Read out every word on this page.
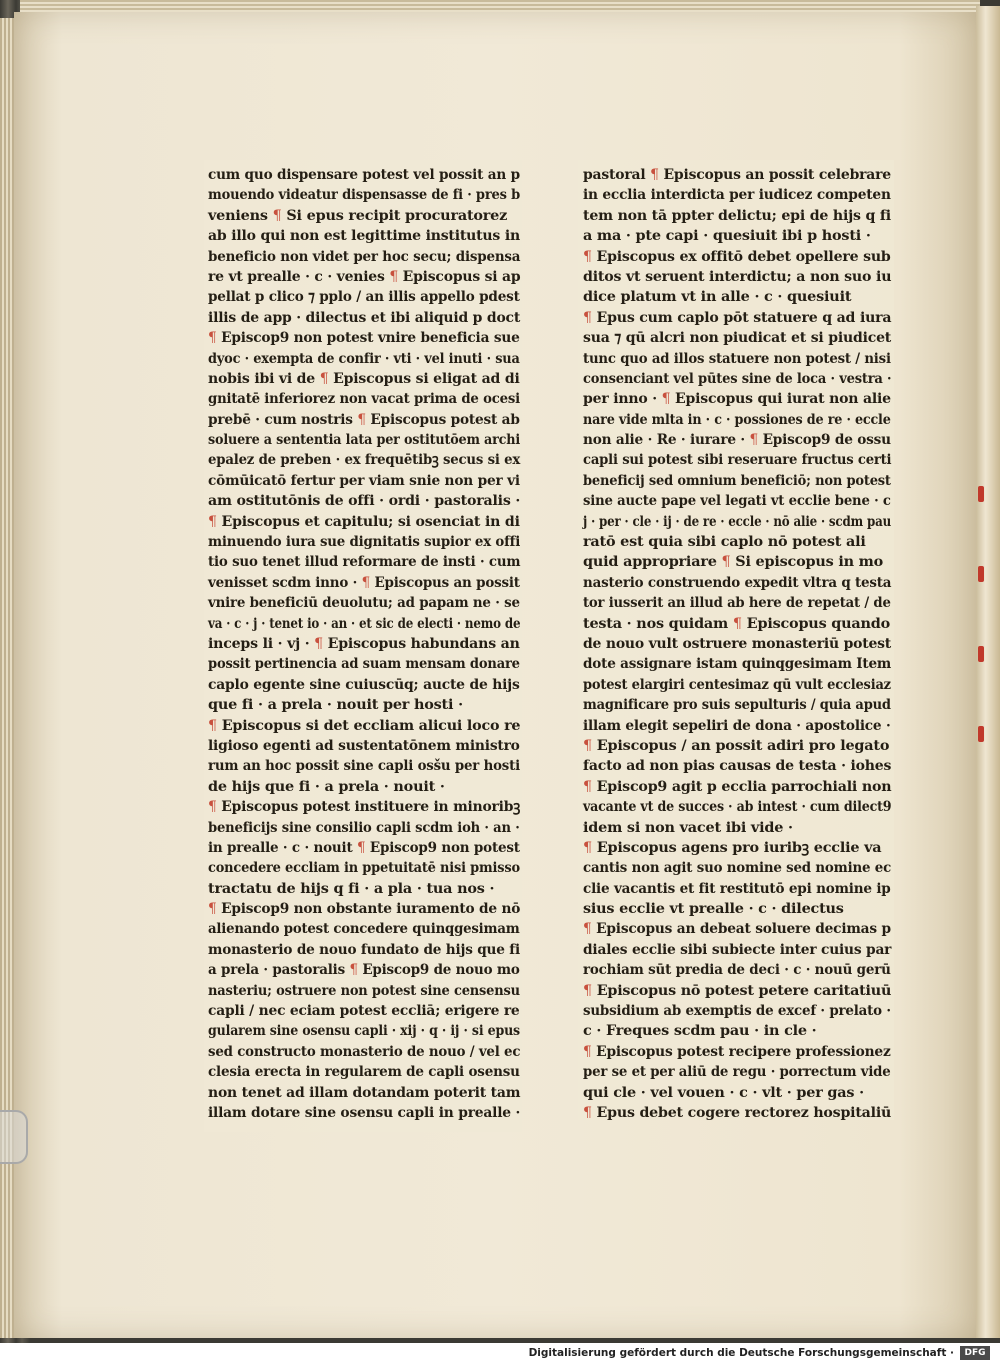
cum quo dispensare potest vel possit an p
mouendo videatur dispensasse de fi · pres b
veniens ¶ Si epus recipit procuratorez
ab illo qui non est legittime institutus in
beneficio non videt per hoc secu; dispensa
re vt prealle · c · venies ¶ Episcopus si ap
pellat p clico ⁊ pplo / an illis appello pdest
illis de app · dilectus et ibi aliquid p doct
¶ Episcop9 non potest vnire beneficia sue
dyoc · exempta de confir · vti · vel inuti · sua
nobis ibi vi de ¶ Episcopus si eligat ad di
gnitatē inferiorez non vacat prima de ocesi
prebē · cum nostris ¶ Episcopus potest ab
soluere a sententia lata per ostitutōem archi
epalez de preben · ex frequētibꝫ secus si ex
cōmūicatō fertur per viam snie non per vi
am ostitutōnis de offi · ordi · pastoralis ·
¶ Episcopus et capitulu; si osenciat in di
minuendo iura sue dignitatis supior ex offi
tio suo tenet illud reformare de insti · cum
venisset scdm inno · ¶ Episcopus an possit
vnire beneficiū deuolutu; ad papam ne · se
va · c · j · tenet io · an · et sic de electi · nemo de
inceps li · vj · ¶ Episcopus habundans an
possit pertinencia ad suam mensam donare
caplo egente sine cuiuscūq; aucte de hijs
que fi · a prela · nouit per hosti ·
¶ Episcopus si det eccliam alicui loco re
ligioso egenti ad sustentatōnem ministro
rum an hoc possit sine capli osšu per hosti
de hijs que fi · a prela · nouit ·
¶ Episcopus potest instituere in minoribꝫ
beneficijs sine consilio capli scdm ioh · an ·
in prealle · c · nouit ¶ Episcop9 non potest
concedere eccliam in ppetuitatē nisi pmisso
tractatu de hijs q fi · a pla · tua nos ·
¶ Episcop9 non obstante iuramento de nō
alienando potest concedere quinqgesimam
monasterio de nouo fundato de hijs que fi
a prela · pastoralis ¶ Episcop9 de nouo mo
nasteriu; ostruere non potest sine censensu
capli / nec eciam potest eccliā; erigere re
gularem sine osensu capli · xij · q · ij · si epus
sed constructo monasterio de nouo / vel ec
clesia erecta in regularem de capli osensu
non tenet ad illam dotandam poterit tam
illam dotare sine osensu capli in prealle ·
pastoral ¶ Episcopus an possit celebrare
in ecclia interdicta per iudicez competen
tem non tā ppter delictu; epi de hijs q fi
a ma · pte capi · quesiuit ibi p hosti ·
¶ Episcopus ex offitō debet opellere sub
ditos vt seruent interdictu; a non suo iu
dice platum vt in alle · c · quesiuit
¶ Epus cum caplo pōt statuere q ad iura
sua ⁊ qū alcri non piudicat et si piudicet
tunc quo ad illos statuere non potest / nisi
consenciant vel pūtes sine de loca · vestra ·
per inno · ¶ Episcopus qui iurat non alie
nare vide mlta in · c · possiones de re · eccle
non alie · Re · iurare · ¶ Episcop9 de ossu
capli sui potest sibi reseruare fructus certi
beneficij sed omnium beneficiō; non potest
sine aucte pape vel legati vt ecclie bene · c
j · per · cle · ij · de re · eccle · nō alie · scdm pau
ratō est quia sibi caplo nō potest ali
quid appropriare ¶ Si episcopus in mo
nasterio construendo expedit vltra q testa
tor iusserit an illud ab here de repetat / de
testa · nos quidam ¶ Episcopus quando
de nouo vult ostruere monasteriū potest
dote assignare istam quinqgesimam Item
potest elargiri centesimaz qū vult ecclesiaz
magnificare pro suis sepulturis / quia apud
illam elegit sepeliri de dona · apostolice ·
¶ Episcopus / an possit adiri pro legato
facto ad non pias causas de testa · iohes
¶ Episcop9 agit p ecclia parrochiali non
vacante vt de succes · ab intest · cum dilect9
idem si non vacet ibi vide ·
¶ Episcopus agens pro iuribꝫ ecclie va
cantis non agit suo nomine sed nomine ec
clie vacantis et fit restitutō epi nomine ip
sius ecclie vt prealle · c · dilectus
¶ Episcopus an debeat soluere decimas p
diales ecclie sibi subiecte inter cuius par
rochiam sūt predia de deci · c · nouū gerū
¶ Episcopus nō potest petere caritatiuū
subsidium ab exemptis de excef · prelato ·
c · Freques scdm pau · in cle ·
¶ Episcopus potest recipere professionez
per se et per aliū de regu · porrectum vide
qui cle · vel vouen · c · vlt · per gas ·
¶ Epus debet cogere rectorez hospitaliū
Digitalisierung gefördert durch die Deutsche Forschungsgemeinschaft ·	DFG
